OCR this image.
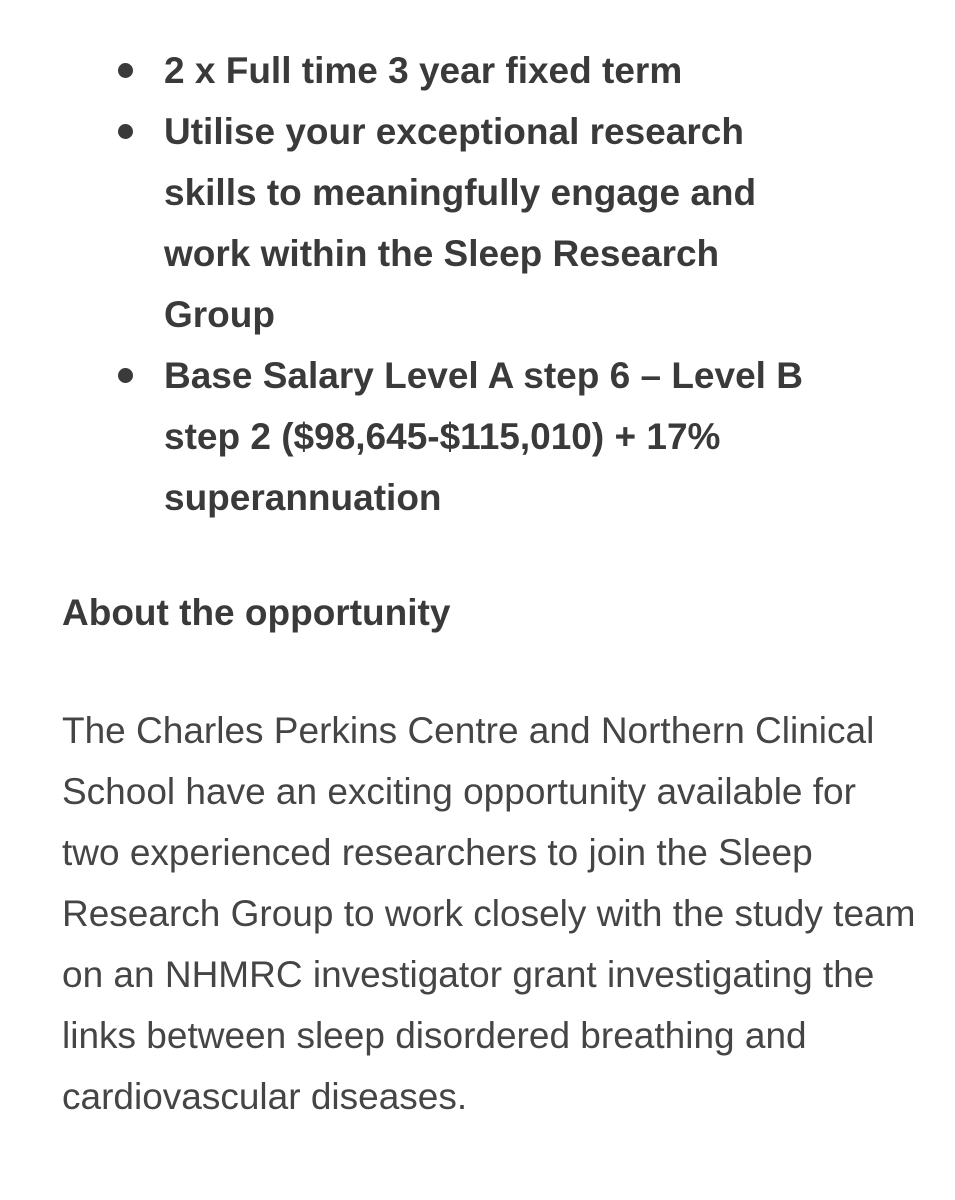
2 x Full time 3 year fixed term
Utilise your exceptional research skills to meaningfully engage and work within the Sleep Research Group
Base Salary Level A step 6 – Level B step 2 ($98,645-$115,010) + 17% superannuation
About the opportunity

The Charles Perkins Centre and Northern Clinical School have an exciting opportunity available for two experienced researchers to join the Sleep Research Group to work closely with the study team on an NHMRC investigator grant investigating the links between sleep disordered breathing and cardiovascular diseases.
